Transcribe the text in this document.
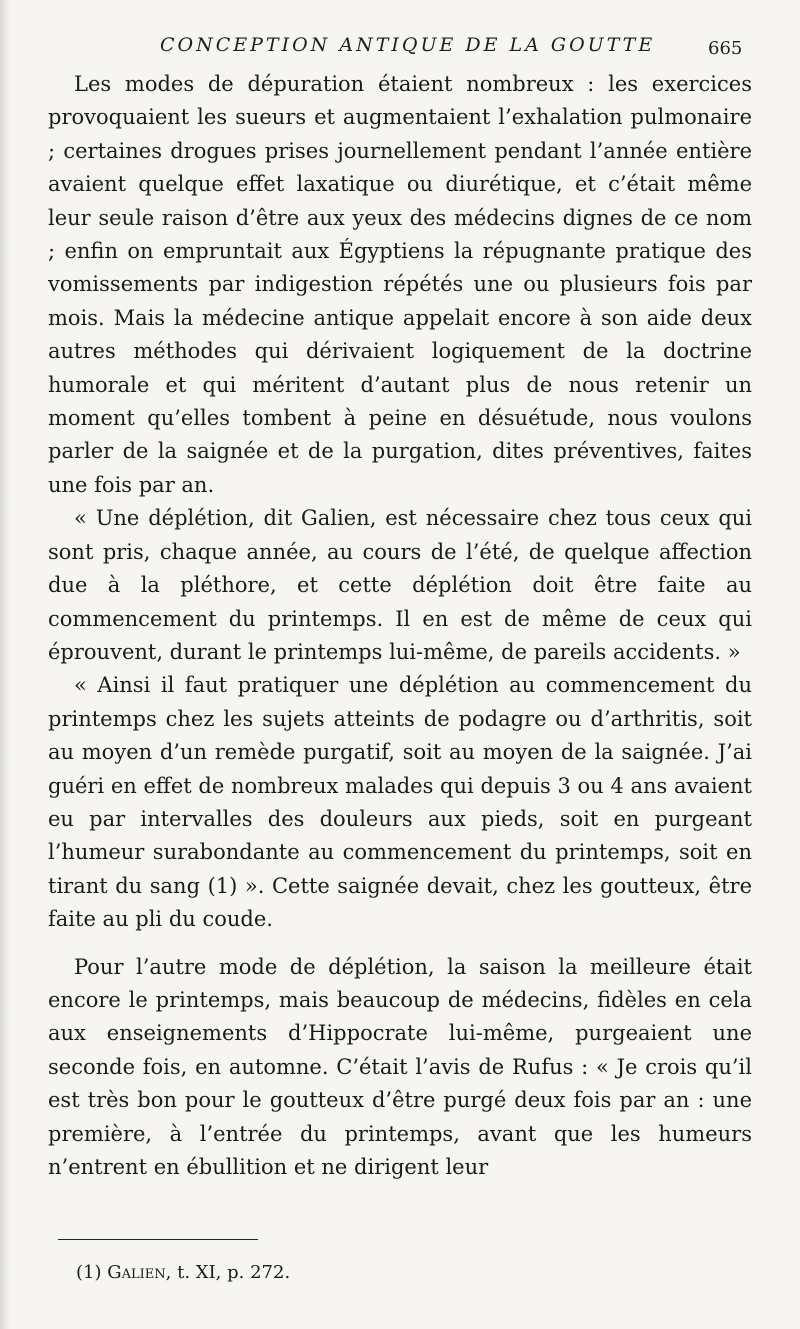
CONCEPTION ANTIQUE DE LA GOUTTE	665

Les modes de dépuration étaient nombreux : les exercices provoquaient les sueurs et augmentaient l’exhalation pulmonaire ; certaines drogues prises journellement pendant l’année entière avaient quelque effet laxatique ou diurétique, et c’était même leur seule raison d’être aux yeux des médecins dignes de ce nom ; enfin on empruntait aux Égyptiens la répugnante pratique des vomissements par indigestion répétés une ou plusieurs fois par mois. Mais la médecine antique appelait encore à son aide deux autres méthodes qui dérivaient logiquement de la doctrine humorale et qui méritent d’autant plus de nous retenir un moment qu’elles tombent à peine en désuétude, nous voulons parler de la saignée et de la purgation, dites préventives, faites une fois par an.

« Une déplétion, dit Galien, est nécessaire chez tous ceux qui sont pris, chaque année, au cours de l’été, de quelque affection due à la pléthore, et cette déplétion doit être faite au commencement du printemps. Il en est de même de ceux qui éprouvent, durant le printemps lui-même, de pareils accidents. »

« Ainsi il faut pratiquer une déplétion au commencement du printemps chez les sujets atteints de podagre ou d’arthritis, soit au moyen d’un remède purgatif, soit au moyen de la saignée. J’ai guéri en effet de nombreux malades qui depuis 3 ou 4 ans avaient eu par intervalles des douleurs aux pieds, soit en purgeant l’humeur surabondante au commencement du printemps, soit en tirant du sang (1) ». Cette saignée devait, chez les goutteux, être faite au pli du coude.

Pour l’autre mode de déplétion, la saison la meilleure était encore le printemps, mais beaucoup de médecins, fidèles en cela aux enseignements d’Hippocrate lui-même, purgeaient une seconde fois, en automne. C’était l’avis de Rufus : « Je crois qu’il est très bon pour le goutteux d’être purgé deux fois par an : une première, à l’entrée du printemps, avant que les humeurs n’entrent en ébullition et ne dirigent leur

(1) Galien, t. XI, p. 272.
